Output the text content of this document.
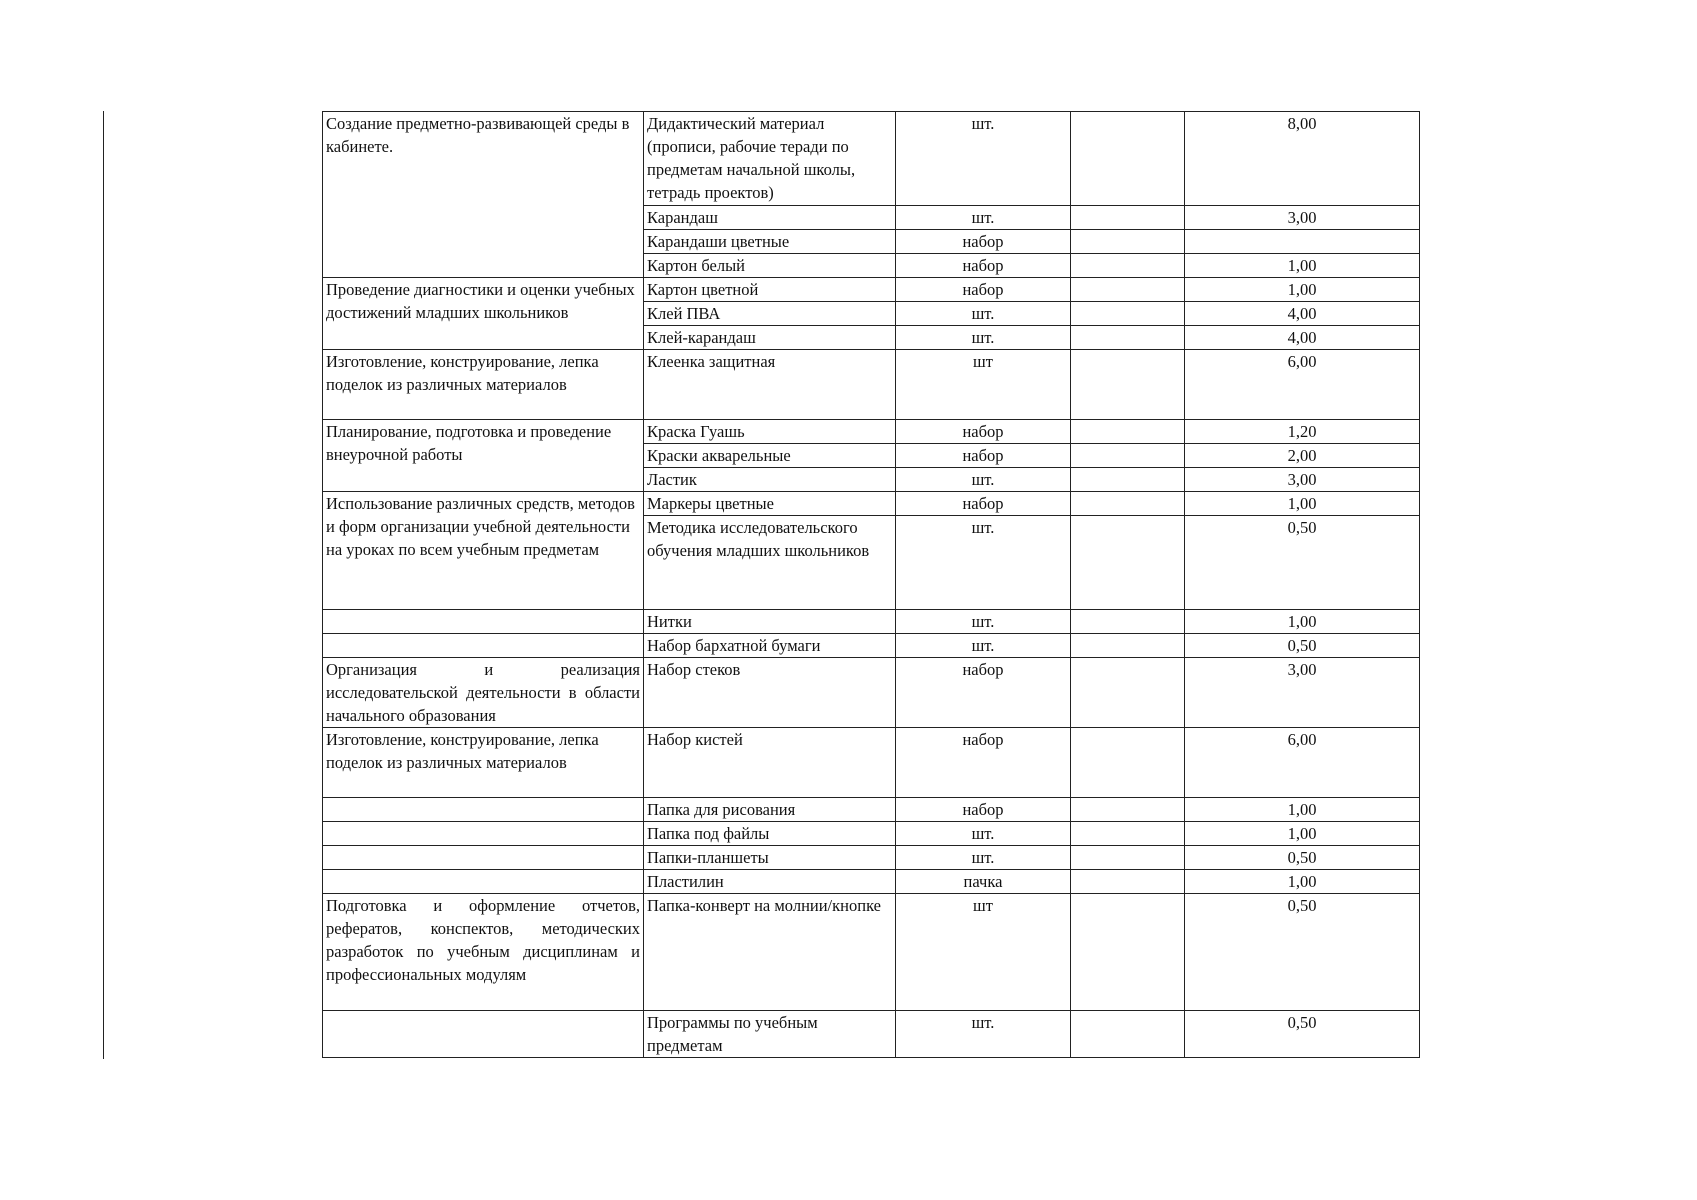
Создание предметно-развивающей среды в кабинете.	Дидактический материал (прописи, рабочие теради по предметам начальной школы, тетрадь проектов)	шт.		8,00
	Карандаш	шт.		3,00
	Карандаши цветные	набор		
	Картон белый	набор		1,00
Проведение диагностики и оценки учебных достижений младших школьников	Картон цветной	набор		1,00
	Клей ПВА	шт.		4,00
	Клей-карандаш	шт.		4,00
Изготовление, конструирование, лепка поделок из различных материалов	Клеенка защитная	шт		6,00
Планирование, подготовка и проведение внеурочной работы	Краска Гуашь	набор		1,20
	Краски акварельные	набор		2,00
	Ластик	шт.		3,00
Использование различных средств, методов и форм организации учебной деятельности на уроках по всем учебным предметам	Маркеры цветные	набор		1,00
	Методика исследовательского обучения младших школьников	шт.		0,50
	Нитки	шт.		1,00
	Набор бархатной бумаги	шт.		0,50
Организация и реализация исследовательской деятельности в области начального образования	Набор стеков	набор		3,00
Изготовление, конструирование, лепка поделок из различных материалов	Набор кистей	набор		6,00
	Папка для рисования	набор		1,00
	Папка под файлы	шт.		1,00
	Папки-планшеты	шт.		0,50
	Пластилин	пачка		1,00
Подготовка и оформление отчетов, рефератов, конспектов, методических разработок по учебным дисциплинам и профессиональных модулям	Папка-конверт на молнии/кнопке	шт		0,50
	Программы по учебным предметам	шт.		0,50
